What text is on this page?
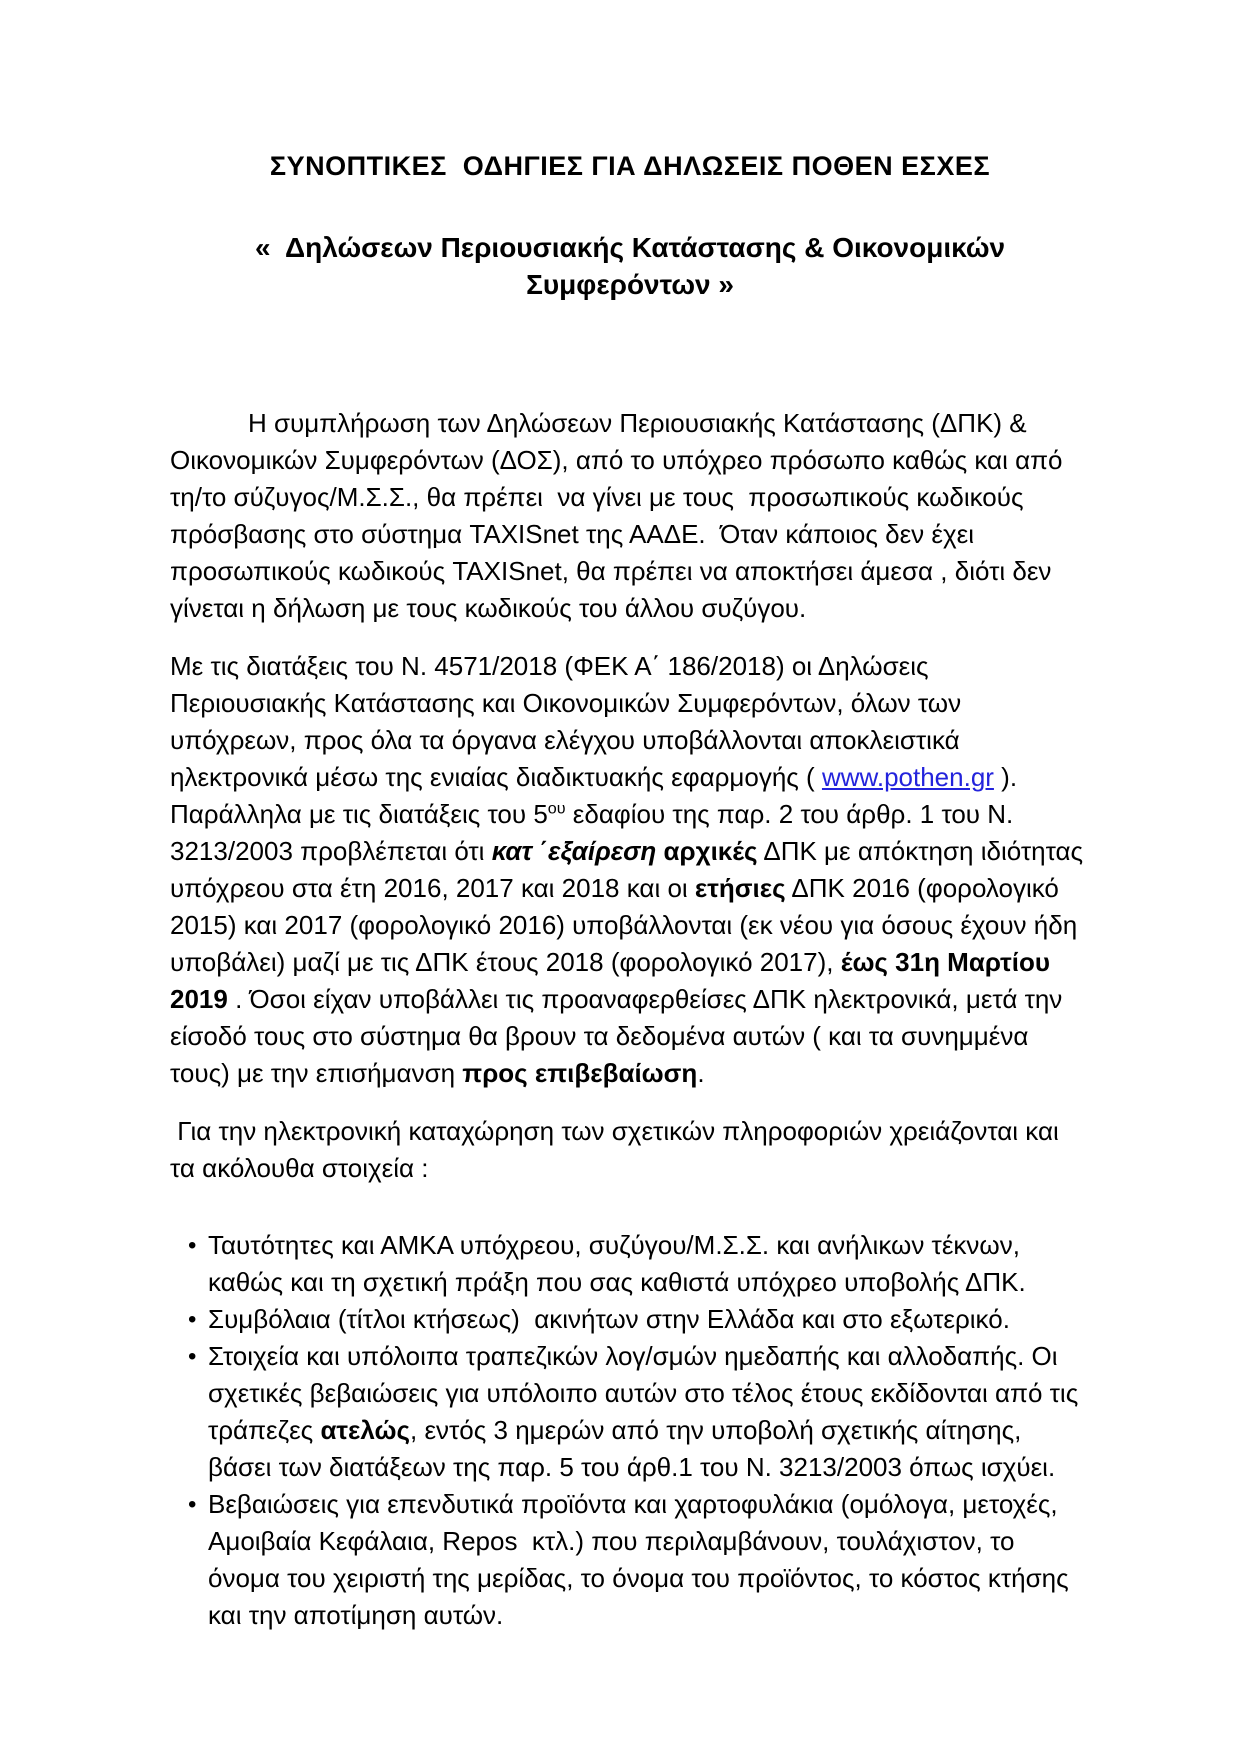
ΣΥΝΟΠΤΙΚΕΣ  ΟΔΗΓΙΕΣ ΓΙΑ ΔΗΛΩΣΕΙΣ ΠΟΘΕΝ ΕΣΧΕΣ
«  Δηλώσεων Περιουσιακής Κατάστασης & Οικονομικών Συμφερόντων »

Η συμπλήρωση των Δηλώσεων Περιουσιακής Κατάστασης (ΔΠΚ) & Οικονομικών Συμφερόντων (ΔΟΣ), από το υπόχρεο πρόσωπο καθώς και από τη/το σύζυγος/Μ.Σ.Σ., θα πρέπει  να γίνει με τους  προσωπικούς κωδικούς πρόσβασης στο σύστημα TAXISnet της ΑΑΔΕ.  Όταν κάποιος δεν έχει προσωπικούς κωδικούς TAXISnet, θα πρέπει να αποκτήσει άμεσα , διότι δεν γίνεται η δήλωση με τους κωδικούς του άλλου συζύγου.

Με τις διατάξεις του Ν. 4571/2018 (ΦΕΚ Α΄ 186/2018) οι Δηλώσεις Περιουσιακής Κατάστασης και Οικονομικών Συμφερόντων, όλων των υπόχρεων, προς όλα τα όργανα ελέγχου υποβάλλονται αποκλειστικά ηλεκτρονικά μέσω της ενιαίας διαδικτυακής εφαρμογής ( www.pothen.gr ). Παράλληλα με τις διατάξεις του $5^{o\upsilon}$ εδαφίου της παρ. 2 του άρθρ. 1 του Ν. 3213/2003 προβλέπεται ότι κατ ΄εξαίρεση αρχικές ΔΠΚ με απόκτηση ιδιότητας υπόχρεου στα έτη 2016, 2017 και 2018 και οι ετήσιες ΔΠΚ 2016 (φορολογικό 2015) και 2017 (φορολογικό 2016) υποβάλλονται (εκ νέου για όσους έχουν ήδη υποβάλει) μαζί με τις ΔΠΚ έτους 2018 (φορολογικό 2017), έως 31η Μαρτίου 2019 . Όσοι είχαν υποβάλλει τις προαναφερθείσες ΔΠΚ ηλεκτρονικά, μετά την είσοδό τους στο σύστημα θα βρουν τα δεδομένα αυτών ( και τα συνημμένα τους) με την επισήμανση προς επιβεβαίωση.

Για την ηλεκτρονική καταχώρηση των σχετικών πληροφοριών χρειάζονται και τα ακόλουθα στοιχεία :

• Ταυτότητες και ΑΜΚΑ υπόχρεου, συζύγου/Μ.Σ.Σ. και ανήλικων τέκνων, καθώς και τη σχετική πράξη που σας καθιστά υπόχρεο υποβολής ΔΠΚ.
• Συμβόλαια (τίτλοι κτήσεως)  ακινήτων στην Ελλάδα και στο εξωτερικό.
• Στοιχεία και υπόλοιπα τραπεζικών λογ/σμών ημεδαπής και αλλοδαπής. Οι σχετικές βεβαιώσεις για υπόλοιπο αυτών στο τέλος έτους εκδίδονται από τις τράπεζες ατελώς, εντός 3 ημερών από την υποβολή σχετικής αίτησης, βάσει των διατάξεων της παρ. 5 του άρθ.1 του Ν. 3213/2003 όπως ισχύει.
• Βεβαιώσεις για επενδυτικά προϊόντα και χαρτοφυλάκια (ομόλογα, μετοχές, Αμοιβαία Κεφάλαια, Repos  κτλ.) που περιλαμβάνουν, τουλάχιστον, το όνομα του χειριστή της μερίδας, το όνομα του προϊόντος, το κόστος κτήσης και την αποτίμηση αυτών.
